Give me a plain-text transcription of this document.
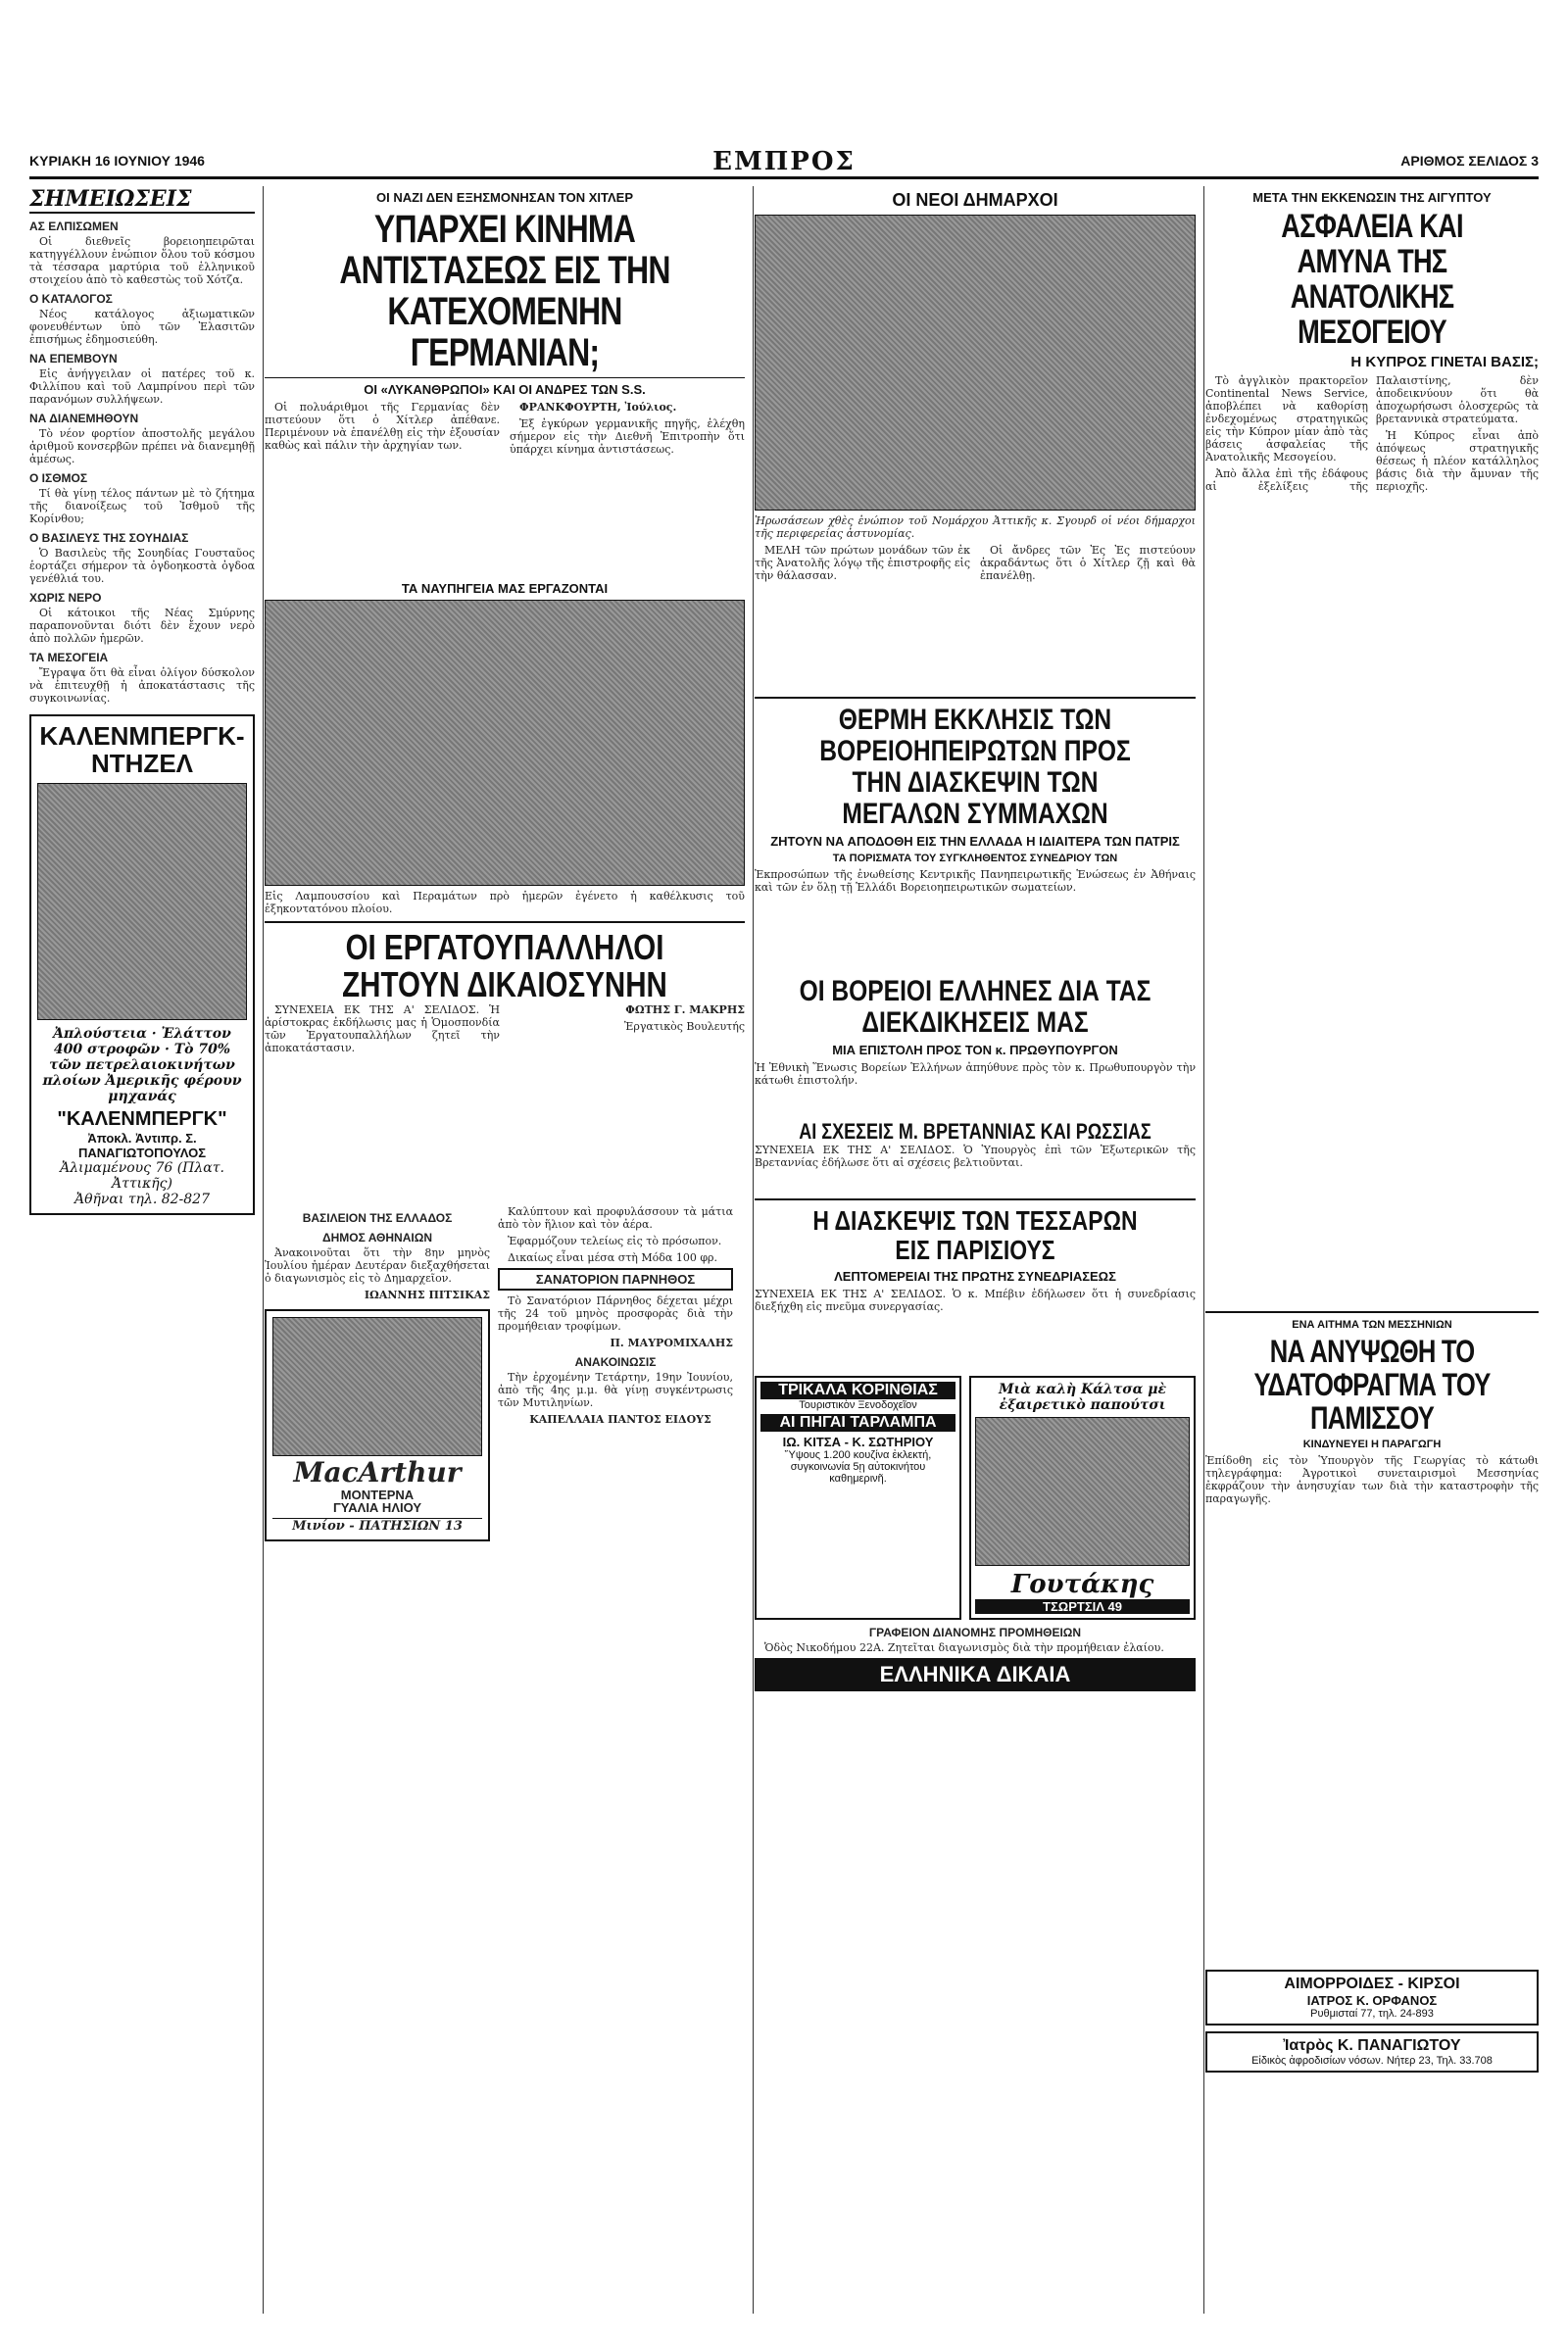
ΚΥΡΙΑΚΗ 16 ΙΟΥΝΙΟΥ 1946	ΕΜΠΡΟΣ	ΑΡΙΘΜΟΣ ΣΕΛΙΔΟΣ 3
ΣΗΜΕΙΩΣΕΙΣ
ΑΣ ΕΛΠΙΣΩΜΕΝ

Οἱ διεθνεῖς βορειοηπειρῶται κατηγγέλλουν ἐνώπιον ὅλου τοῦ κόσμου τὰ τέσσαρα μαρτύρια τοῦ ἑλληνικοῦ στοιχείου ἀπὸ τὸ καθεστὼς τοῦ Χότζα.

Ο ΚΑΤΑΛΟΓΟΣ

Νέος κατάλογος ἀξιωματικῶν φονευθέντων ὑπὸ τῶν Ἐλασιτῶν ἐπισήμως ἐδημοσιεύθη.

ΝΑ ΕΠΕΜΒΟΥΝ

Εἰς ἀνήγγειλαν οἱ πατέρες τοῦ κ. Φιλλίπου καὶ τοῦ Λαμπρίνου περὶ τῶν παρανόμων συλλήψεων.

ΝΑ ΔΙΑΝΕΜΗΘΟΥΝ

Τὸ νέον φορτίον ἀποστολῆς μεγάλου ἀριθμοῦ κονσερβῶν πρέπει νὰ διανεμηθῇ ἀμέσως.

Ο ΙΣΘΜΟΣ

Τί θὰ γίνῃ τέλος πάντων μὲ τὸ ζήτημα τῆς διανοίξεως τοῦ Ἰσθμοῦ τῆς Κορίνθου;

Ο ΒΑΣΙΛΕΥΣ ΤΗΣ ΣΟΥΗΔΙΑΣ

Ὁ Βασιλεὺς τῆς Σουηδίας Γουσταῦος ἑορτάζει σήμερον τὰ ὀγδοηκοστὰ ὀγδοα γενέθλιά του.

ΧΩΡΙΣ ΝΕΡΟ

Οἱ κάτοικοι τῆς Νέας Σμύρνης παραπονοῦνται διότι δὲν ἔχουν νερὸ ἀπὸ πολλῶν ἡμερῶν.

ΤΑ ΜΕΣΟΓΕΙΑ

Ἔγραψα ὅτι θὰ εἶναι ὀλίγον δύσκολον νὰ ἐπιτευχθῇ ἡ ἀποκατάστασις τῆς συγκοινωνίας.

ΚΑΛΕΝΜΠΕΡΓΚ-ΝΤΗΖΕΛ
Ἀπλούστεια · Ἐλάττον 400 στροφῶν · Τὸ 70% τῶν πετρελαιοκινήτων πλοίων Ἀμερικῆς φέρουν μηχανάς
"ΚΑΛΕΝΜΠΕΡΓΚ"
Ἀποκλ. Ἀντιπρ. Σ. ΠΑΝΑΓΙΩΤΟΠΟΥΛΟΣ
Ἀλιμαμένους 76 (Πλατ. Ἀττικῆς)
Ἀθῆναι τηλ. 82-827
ΟΙ ΝΑΖΙ ΔΕΝ ΕΞΗΣΜΟΝΗΣΑΝ ΤΟΝ ΧΙΤΛΕΡ
ΥΠΑΡΧΕΙ ΚΙΝΗΜΑ ΑΝΤΙΣΤΑΣΕΩΣ ΕΙΣ ΤΗΝ ΚΑΤΕΧΟΜΕΝΗΝ ΓΕΡΜΑΝΙΑΝ;
ΟΙ «ΛΥΚΑΝΘΡΩΠΟΙ» ΚΑΙ ΟΙ ΑΝΔΡΕΣ ΤΩΝ S.S.

Οἱ πολυάριθμοι τῆς Γερμανίας δὲν πιστεύουν ὅτι ὁ Χίτλερ ἀπέθανε. Περιμένουν νὰ ἐπανέλθῃ εἰς τὴν ἐξουσίαν καθὼς καὶ πάλιν τὴν ἀρχηγίαν των.

ΦΡΑΝΚΦΟΥΡΤΗ, Ἰούλιος.

Ἐξ ἐγκύρων γερμανικῆς πηγῆς, ἐλέχθη σήμερον εἰς τὴν Διεθνῆ Ἐπιτροπὴν ὅτι ὑπάρχει κίνημα ἀντιστάσεως.

ΤΑ ΝΑΥΠΗΓΕΙΑ ΜΑΣ ΕΡΓΑΖΟΝΤΑΙ
Εἰς Λαμπουσσίου καὶ Περαμάτων πρὸ ἡμερῶν ἐγένετο ἡ καθέλκυσις τοῦ ἑξηκοντατόνου πλοίου.
ΟΙ ΕΡΓΑΤΟΥΠΑΛΛΗΛΟΙ ΖΗΤΟΥΝ ΔΙΚΑΙΟΣΥΝΗΝ

ΣΥΝΕΧΕΙΑ ΕΚ ΤΗΣ Α' ΣΕΛΙΔΟΣ. Ἡ ἀρίστοκρας ἐκδήλωσις μας ἡ Ὁμοσπονδία τῶν Ἐργατουπαλλήλων ζητεῖ τὴν ἀποκατάστασιν.

ΦΩΤΗΣ Γ. ΜΑΚΡΗΣ

Ἐργατικὸς Βουλευτής

ΒΑΣΙΛΕΙΟΝ ΤΗΣ ΕΛΛΑΔΟΣ
ΔΗΜΟΣ ΑΘΗΝΑΙΩΝ

Ἀνακοινοῦται ὅτι τὴν 8ην μηνὸς Ἰουλίου ἡμέραν Δευτέραν διεξαχθήσεται ὁ διαγωνισμὸς εἰς τὸ Δημαρχεῖον.

ΙΩΑΝΝΗΣ ΠΙΤΣΙΚΑΣ

MacArthur
ΜΟΝΤΕΡΝΑ
ΓΥΑΛΙΑ ΗΛΙΟΥ
Μινίον - ΠΑΤΗΣΙΩΝ 13

Καλύπτουν καὶ προφυλάσσουν τὰ μάτια ἀπὸ τὸν ἥλιον καὶ τὸν ἀέρα.

Ἐφαρμόζουν τελείως εἰς τὸ πρόσωπον.

Δικαίως εἶναι μέσα στὴ Μόδα 100 φρ.

ΣΑΝΑΤΟΡΙΟΝ ΠΑΡΝΗΘΟΣ

Τὸ Σανατόριον Πάρνηθος δέχεται μέχρι τῆς 24 τοῦ μηνὸς προσφορὰς διὰ τὴν προμήθειαν τροφίμων.

Π. ΜΑΥΡΟΜΙΧΑΛΗΣ

ΑΝΑΚΟΙΝΩΣΙΣ

Τὴν ἐρχομένην Τετάρτην, 19ην Ἰουνίου, ἀπὸ τῆς 4ης μ.μ. θὰ γίνῃ συγκέντρωσις τῶν Μυτιληνίων.

ΚΑΠΕΛΛΑΙΑ ΠΑΝΤΟΣ ΕΙΔΟΥΣ

ΟΙ ΝΕΟΙ ΔΗΜΑΡΧΟΙ
Ἡρωσάσεων χθὲς ἐνώπιον τοῦ Νομάρχου Ἀττικῆς κ. Σγουρδ οἱ νέοι δήμαρχοι τῆς περιφερείας ἀστυνομίας.

ΜΕΛΗ τῶν πρώτων μονάδων τῶν ἐκ τῆς Ἀνατολῆς λόγῳ τῆς ἐπιστροφῆς εἰς τὴν θάλασσαν.

Οἱ ἄνδρες τῶν Ἐς Ἐς πιστεύουν ἀκραδάντως ὅτι ὁ Χίτλερ ζῇ καὶ θὰ ἐπανέλθῃ.

ΘΕΡΜΗ ΕΚΚΛΗΣΙΣ ΤΩΝ ΒΟΡΕΙΟΗΠΕΙΡΩΤΩΝ ΠΡΟΣ ΤΗΝ ΔΙΑΣΚΕΨΙΝ ΤΩΝ ΜΕΓΑΛΩΝ ΣΥΜΜΑΧΩΝ
ΖΗΤΟΥΝ ΝΑ ΑΠΟΔΟΘΗ ΕΙΣ ΤΗΝ ΕΛΛΑΔΑ Η ΙΔΙΑΙΤΕΡΑ ΤΩΝ ΠΑΤΡΙΣ
ΤΑ ΠΟΡΙΣΜΑΤΑ ΤΟΥ ΣΥΓΚΛΗΘΕΝΤΟΣ ΣΥΝΕΔΡΙΟΥ ΤΩΝ
Ἐκπροσώπων τῆς ἐνωθείσης Κεντρικῆς Πανηπειρωτικῆς Ἑνώσεως ἐν Ἀθήναις καὶ τῶν ἐν ὅλῃ τῇ Ἑλλάδι Βορειοηπειρωτικῶν σωματείων.
ΟΙ ΒΟΡΕΙΟΙ ΕΛΛΗΝΕΣ ΔΙΑ ΤΑΣ ΔΙΕΚΔΙΚΗΣΕΙΣ ΜΑΣ
ΜΙΑ ΕΠΙΣΤΟΛΗ ΠΡΟΣ ΤΟΝ κ. ΠΡΩΘΥΠΟΥΡΓΟΝ
Ἡ Ἐθνικὴ Ἕνωσις Βορείων Ἑλλήνων ἀπηύθυνε πρὸς τὸν κ. Πρωθυπουργὸν τὴν κάτωθι ἐπιστολήν.
ΑΙ ΣΧΕΣΕΙΣ Μ. ΒΡΕΤΑΝΝΙΑΣ ΚΑΙ ΡΩΣΣΙΑΣ
ΣΥΝΕΧΕΙΑ ΕΚ ΤΗΣ Α' ΣΕΛΙΔΟΣ. Ὁ Ὑπουργὸς ἐπὶ τῶν Ἐξωτερικῶν τῆς Βρεταννίας ἐδήλωσε ὅτι αἱ σχέσεις βελτιοῦνται.
Η ΔΙΑΣΚΕΨΙΣ ΤΩΝ ΤΕΣΣΑΡΩΝ ΕΙΣ ΠΑΡΙΣΙΟΥΣ
ΛΕΠΤΟΜΕΡΕΙΑΙ ΤΗΣ ΠΡΩΤΗΣ ΣΥΝΕΔΡΙΑΣΕΩΣ
ΣΥΝΕΧΕΙΑ ΕΚ ΤΗΣ Α' ΣΕΛΙΔΟΣ. Ὁ κ. Μπέβιν ἐδήλωσεν ὅτι ἡ συνεδρίασις διεξήχθη εἰς πνεῦμα συνεργασίας.
ΤΡΙΚΑΛΑ ΚΟΡΙΝΘΙΑΣ
Τουριστικὸν Ξενοδοχεῖον
ΑΙ ΠΗΓΑΙ ΤΑΡΛΑΜΠΑ
ΙΩ. ΚΙΤΣΑ - Κ. ΣΩΤΗΡΙΟΥ
Ὕψους 1.200 κουζίνα ἐκλεκτή, συγκοινωνία 5ῃ αὐτοκινήτου καθημερινῆ.
Μιὰ καλὴ Κάλτσα μὲ ἐξαιρετικὸ παπούτσι
Γουτάκης
ΤΣΩΡΤΣΙΛ 49
ΓΡΑΦΕΙΟΝ ΔΙΑΝΟΜΗΣ ΠΡΟΜΗΘΕΙΩΝ

Ὁδὸς Νικοδήμου 22Α. Ζητεῖται διαγωνισμὸς διὰ τὴν προμήθειαν ἐλαίου.

ΕΛΛΗΝΙΚΑ ΔΙΚΑΙΑ
ΜΕΤΑ ΤΗΝ ΕΚΚΕΝΩΣΙΝ ΤΗΣ ΑΙΓΥΠΤΟΥ
ΑΣΦΑΛΕΙΑ ΚΑΙ ΑΜΥΝΑ ΤΗΣ ΑΝΑΤΟΛΙΚΗΣ ΜΕΣΟΓΕΙΟΥ
Η ΚΥΠΡΟΣ ΓΙΝΕΤΑΙ ΒΑΣΙΣ;

Τὸ ἀγγλικὸν πρακτορεῖον Continental News Service, ἀποβλέπει νὰ καθορίσῃ ἐνδεχομένως στρατηγικῶς εἰς τὴν Κύπρον μίαν ἀπὸ τὰς βάσεις ἀσφαλείας τῆς Ἀνατολικῆς Μεσογείου.

Ἀπὸ ἄλλα ἐπὶ τῆς ἐδάφους αἱ ἐξελίξεις τῆς Παλαιστίνης, δὲν ἀποδεικνύουν ὅτι θὰ ἀποχωρήσωσι ὁλοσχερῶς τὰ βρεταννικὰ στρατεύματα.

Ἡ Κύπρος εἶναι ἀπὸ ἀπόψεως στρατηγικῆς θέσεως ἡ πλέον κατάλληλος βάσις διὰ τὴν ἄμυναν τῆς περιοχῆς.

ΕΝΑ ΑΙΤΗΜΑ ΤΩΝ ΜΕΣΣΗΝΙΩΝ
ΝΑ ΑΝΥΨΩΘΗ ΤΟ ΥΔΑΤΟΦΡΑΓΜΑ ΤΟΥ ΠΑΜΙΣΣΟΥ
ΚΙΝΔΥΝΕΥΕΙ Η ΠΑΡΑΓΩΓΗ
Ἐπίδοθη εἰς τὸν Ὑπουργὸν τῆς Γεωργίας τὸ κάτωθι τηλεγράφημα: Ἀγροτικοὶ συνεταιρισμοὶ Μεσσηνίας ἐκφράζουν τὴν ἀνησυχίαν των διὰ τὴν καταστροφὴν τῆς παραγωγῆς.
ΑΙΜΟΡΡΟΙΔΕΣ - ΚΙΡΣΟΙ
ΙΑΤΡΟΣ Κ. ΟΡΦΑΝΟΣ
Ρυθμισταί 77, τηλ. 24-893
Ἰατρὸς Κ. ΠΑΝΑΓΙΩΤΟΥ
Εἰδικὸς ἀφροδισίων νόσων. Νήτερ 23, Τηλ. 33.708
